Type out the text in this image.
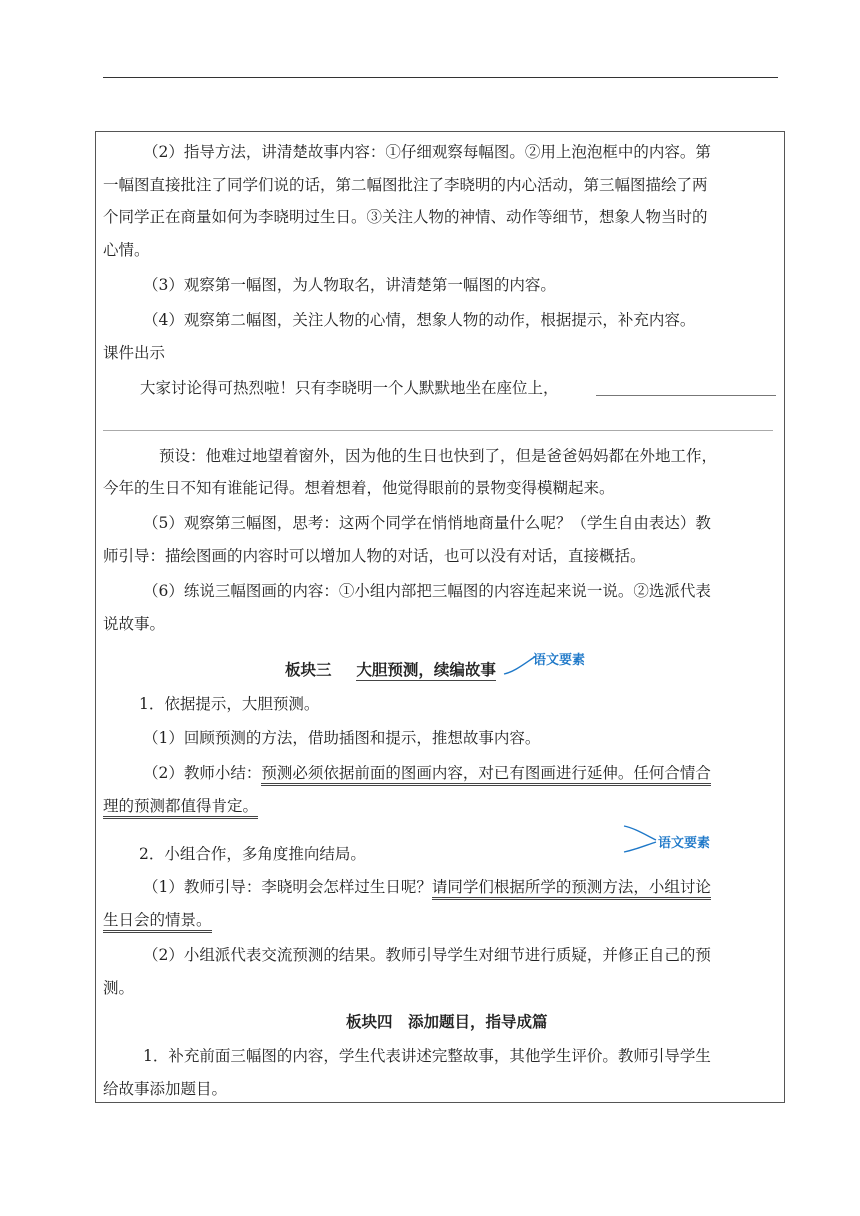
（2）指导方法，讲清楚故事内容：①仔细观察每幅图。②用上泡泡框中的内容。第
一幅图直接批注了同学们说的话，第二幅图批注了李晓明的内心活动，第三幅图描绘了两
个同学正在商量如何为李晓明过生日。③关注人物的神情、动作等细节，想象人物当时的
心情。
（3）观察第一幅图，为人物取名，讲清楚第一幅图的内容。
（4）观察第二幅图，关注人物的心情，想象人物的动作，根据提示，补充内容。
课件出示
大家讨论得可热烈啦！只有李晓明一个人默默地坐在座位上，
预设：他难过地望着窗外，因为他的生日也快到了，但是爸爸妈妈都在外地工作，
今年的生日不知有谁能记得。想着想着，他觉得眼前的景物变得模糊起来。
（5）观察第三幅图，思考：这两个同学在悄悄地商量什么呢？（学生自由表达）教
师引导：描绘图画的内容时可以增加人物的对话，也可以没有对话，直接概括。
（6）练说三幅图画的内容：①小组内部把三幅图的内容连起来说一说。②选派代表
说故事。
板块三 大胆预测，续编故事	语文要素
1．依据提示，大胆预测。
（1）回顾预测的方法，借助插图和提示，推想故事内容。
（2）教师小结：预测必须依据前面的图画内容，对已有图画进行延伸。任何合情合
理的预测都值得肯定。
语文要素
2．小组合作，多角度推向结局。
（1）教师引导：李晓明会怎样过生日呢？请同学们根据所学的预测方法，小组讨论
生日会的情景。
（2）小组派代表交流预测的结果。教师引导学生对细节进行质疑，并修正自己的预
测。
板块四　添加题目，指导成篇
1．补充前面三幅图的内容，学生代表讲述完整故事，其他学生评价。教师引导学生
给故事添加题目。
